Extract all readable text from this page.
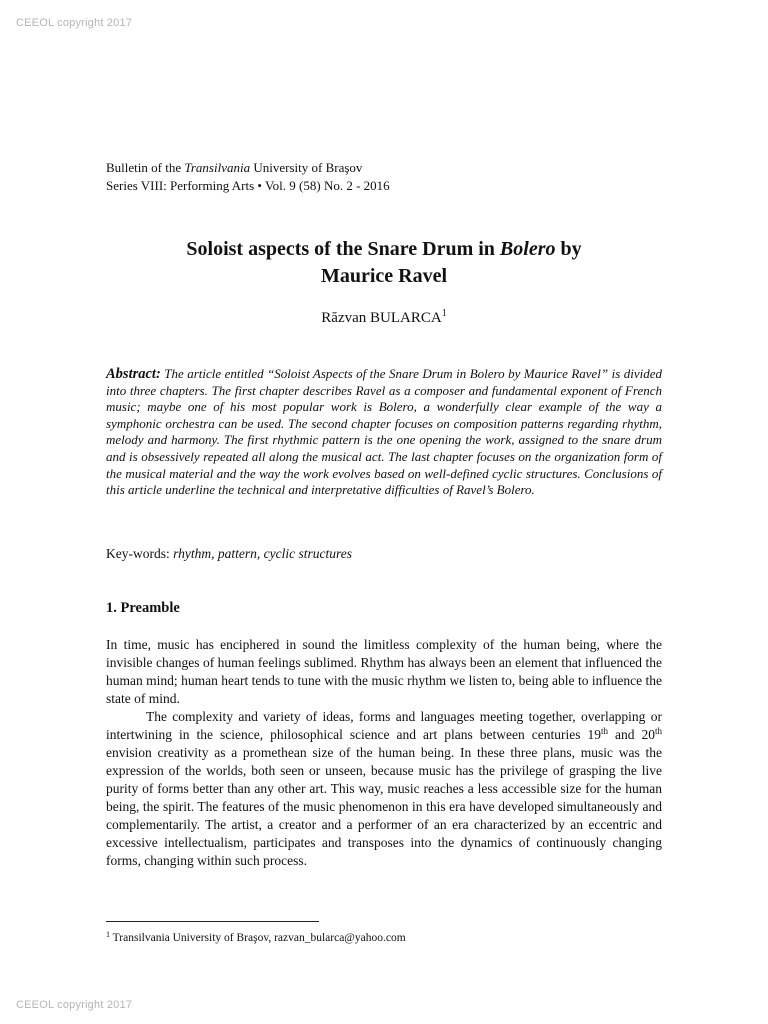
CEEOL copyright 2017
Bulletin of the Transilvania University of Braşov
Series VIII: Performing Arts • Vol. 9 (58) No. 2 - 2016
Soloist aspects of the Snare Drum in Bolero by
Maurice Ravel
Răzvan BULARCA$^1$
Abstract: The article entitled “Soloist Aspects of the Snare Drum in Bolero by Maurice Ravel” is divided into three chapters. The first chapter describes Ravel as a composer and fundamental exponent of French music; maybe one of his most popular work is Bolero, a wonderfully clear example of the way a symphonic orchestra can be used. The second chapter focuses on composition patterns regarding rhythm, melody and harmony. The first rhythmic pattern is the one opening the work, assigned to the snare drum and is obsessively repeated all along the musical act. The last chapter focuses on the organization form of the musical material and the way the work evolves based on well-defined cyclic structures. Conclusions of this article underline the technical and interpretative difficulties of Ravel’s Bolero.
Key-words: rhythm, pattern, cyclic structures
1. Preamble

In time, music has enciphered in sound the limitless complexity of the human being, where the invisible changes of human feelings sublimed. Rhythm has always been an element that influenced the human mind; human heart tends to tune with the music rhythm we listen to, being able to influence the state of mind.

The complexity and variety of ideas, forms and languages meeting together, overlapping or intertwining in the science, philosophical science and art plans between centuries 19th and 20th envision creativity as a promethean size of the human being. In these three plans, music was the expression of the worlds, both seen or unseen, because music has the privilege of grasping the live purity of forms better than any other art. This way, music reaches a less accessible size for the human being, the spirit. The features of the music phenomenon in this era have developed simultaneously and complementarily. The artist, a creator and a performer of an era characterized by an eccentric and excessive intellectualism, participates and transposes into the dynamics of continuously changing forms, changing within such process.

$^1$ Transilvania University of Braşov, razvan_bularca@yahoo.com
CEEOL copyright 2017
